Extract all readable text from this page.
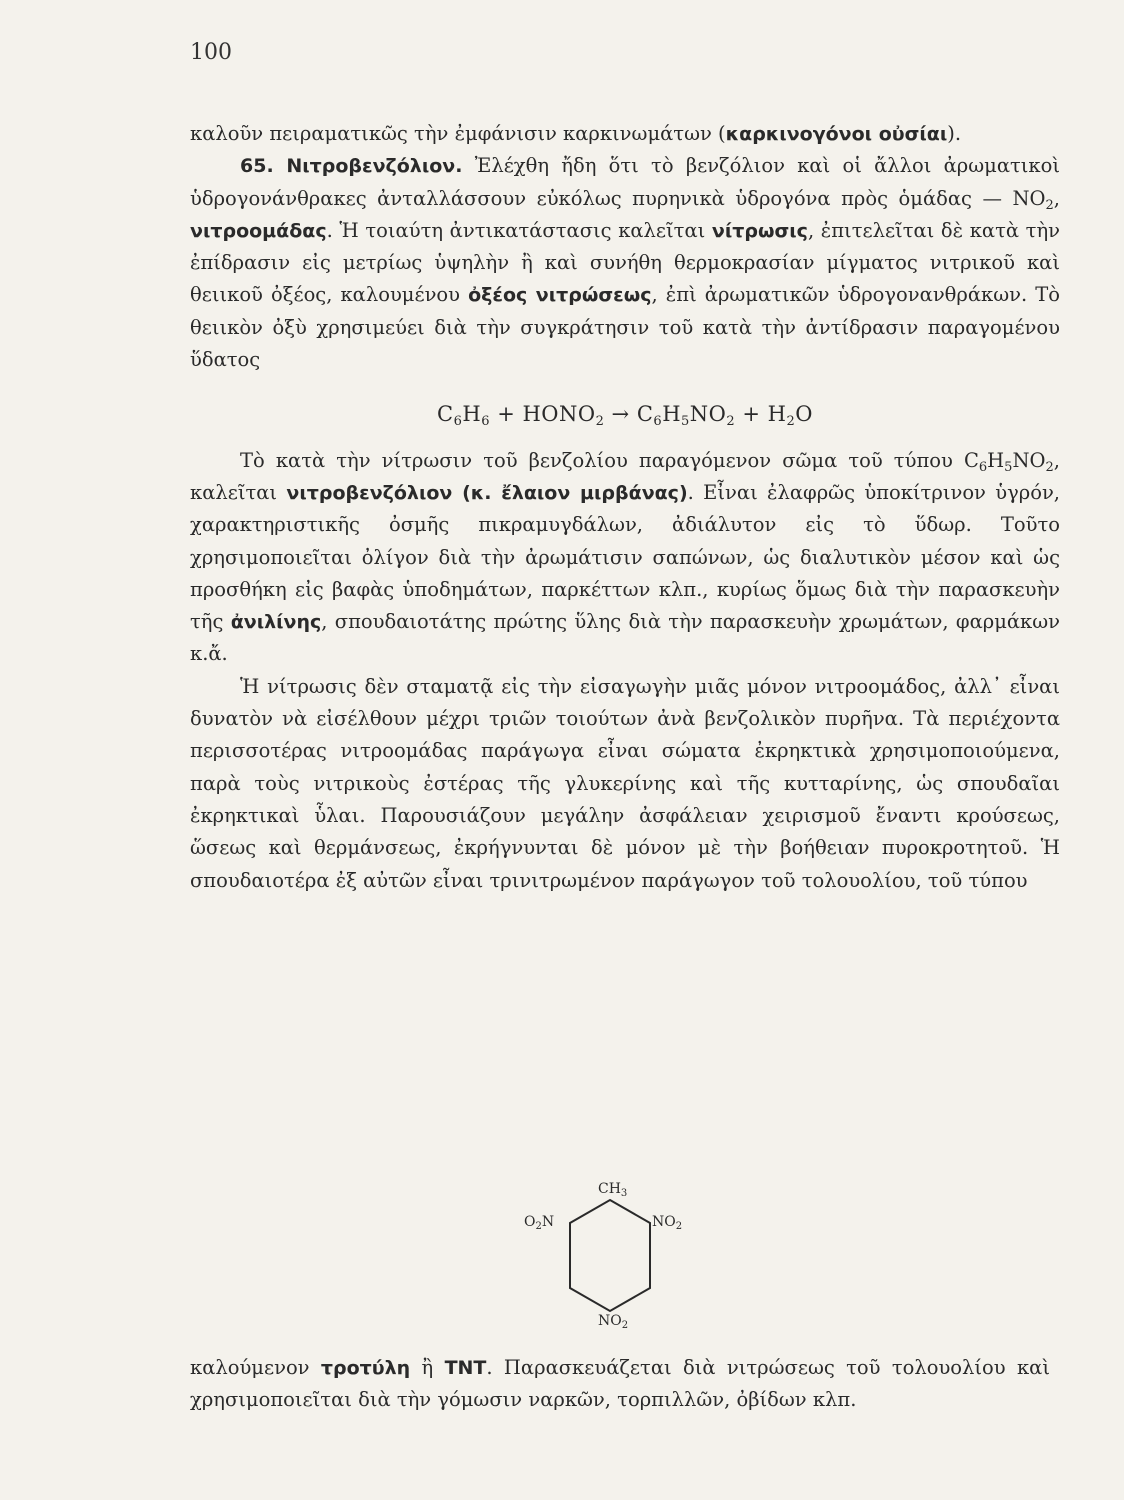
100

καλοῦν πειραματικῶς τὴν ἐμφάνισιν καρκινωμάτων (καρκινογόνοι οὐσίαι).

65. Νιτροβενζόλιον. Ἐλέχθη ἤδη ὅτι τὸ βενζόλιον καὶ οἱ ἄλλοι ἀρωματικοὶ ὑδρογονάνθρακες ἀνταλλάσσουν εὐκόλως πυρηνικὰ ὑδρογόνα πρὸς ὁμάδας — $NO_2$, νιτροομάδας. Ἡ τοιαύτη ἀντικατάστασις καλεῖται νίτρωσις, ἐπιτελεῖται δὲ κατὰ τὴν ἐπίδρασιν εἰς μετρίως ὑψηλὴν ἢ καὶ συνήθη θερμοκρασίαν μίγματος νιτρικοῦ καὶ θειικοῦ ὀξέος, καλουμένου ὀξέος νιτρώσεως, ἐπὶ ἀρωματικῶν ὑδρογονανθράκων. Τὸ θειικὸν ὀξὺ χρησιμεύει διὰ τὴν συγκράτησιν τοῦ κατὰ τὴν ἀντίδρασιν παραγομένου ὕδατος

$C_6H_6$ + $HONO_2 \to C_6H_5NO_2 + H_2O$

Τὸ κατὰ τὴν νίτρωσιν τοῦ βενζολίου παραγόμενον σῶμα τοῦ τύπου $C_6H_5NO_2$, καλεῖται νιτροβενζόλιον (κ. ἔλαιον μιρβάνας). Εἶναι ἐλαφρῶς ὑποκίτρινον ὑγρόν, χαρακτηριστικῆς ὀσμῆς πικραμυγδάλων, ἀδιάλυτον εἰς τὸ ὕδωρ. Τοῦτο χρησιμοποιεῖται ὀλίγον διὰ τὴν ἀρωμάτισιν σαπώνων, ὡς διαλυτικὸν μέσον καὶ ὡς προσθήκη εἰς βαφὰς ὑποδημάτων, παρκέττων κλπ., κυρίως ὅμως διὰ τὴν παρασκευὴν τῆς ἀνιλίνης, σπουδαιοτάτης πρώτης ὕλης διὰ τὴν παρασκευὴν χρωμάτων, φαρμάκων κ.ἄ.

Ἡ νίτρωσις δὲν σταματᾷ εἰς τὴν εἰσαγωγὴν μιᾶς μόνον νιτροομάδος, ἀλλ᾽ εἶναι δυνατὸν νὰ εἰσέλθουν μέχρι τριῶν τοιούτων ἀνὰ βενζολικὸν πυρῆνα. Τὰ περιέχοντα περισσοτέρας νιτροομάδας παράγωγα εἶναι σώματα ἐκρηκτικὰ χρησιμοποιούμενα, παρὰ τοὺς νιτρικοὺς ἐστέρας τῆς γλυκερίνης καὶ τῆς κυτταρίνης, ὡς σπουδαῖαι ἐκρηκτικαὶ ὗλαι. Παρουσιάζουν μεγάλην ἀσφάλειαν χειρισμοῦ ἔναντι κρούσεως, ὥσεως καὶ θερμάνσεως, ἐκρήγνυνται δὲ μόνον μὲ τὴν βοήθειαν πυροκροτητοῦ. Ἡ σπουδαιοτέρα ἐξ αὐτῶν εἶναι τρινιτρωμένον παράγωγον τοῦ τολουολίου, τοῦ τύπου

$CH_3$
$O_2N$	$NO_2$
$NO_2$

καλούμενον τροτύλη ἢ TNT. Παρασκευάζεται διὰ νιτρώσεως τοῦ τολουολίου καὶ χρησιμοποιεῖται διὰ τὴν γόμωσιν ναρκῶν, τορπιλλῶν, ὀβίδων κλπ.
